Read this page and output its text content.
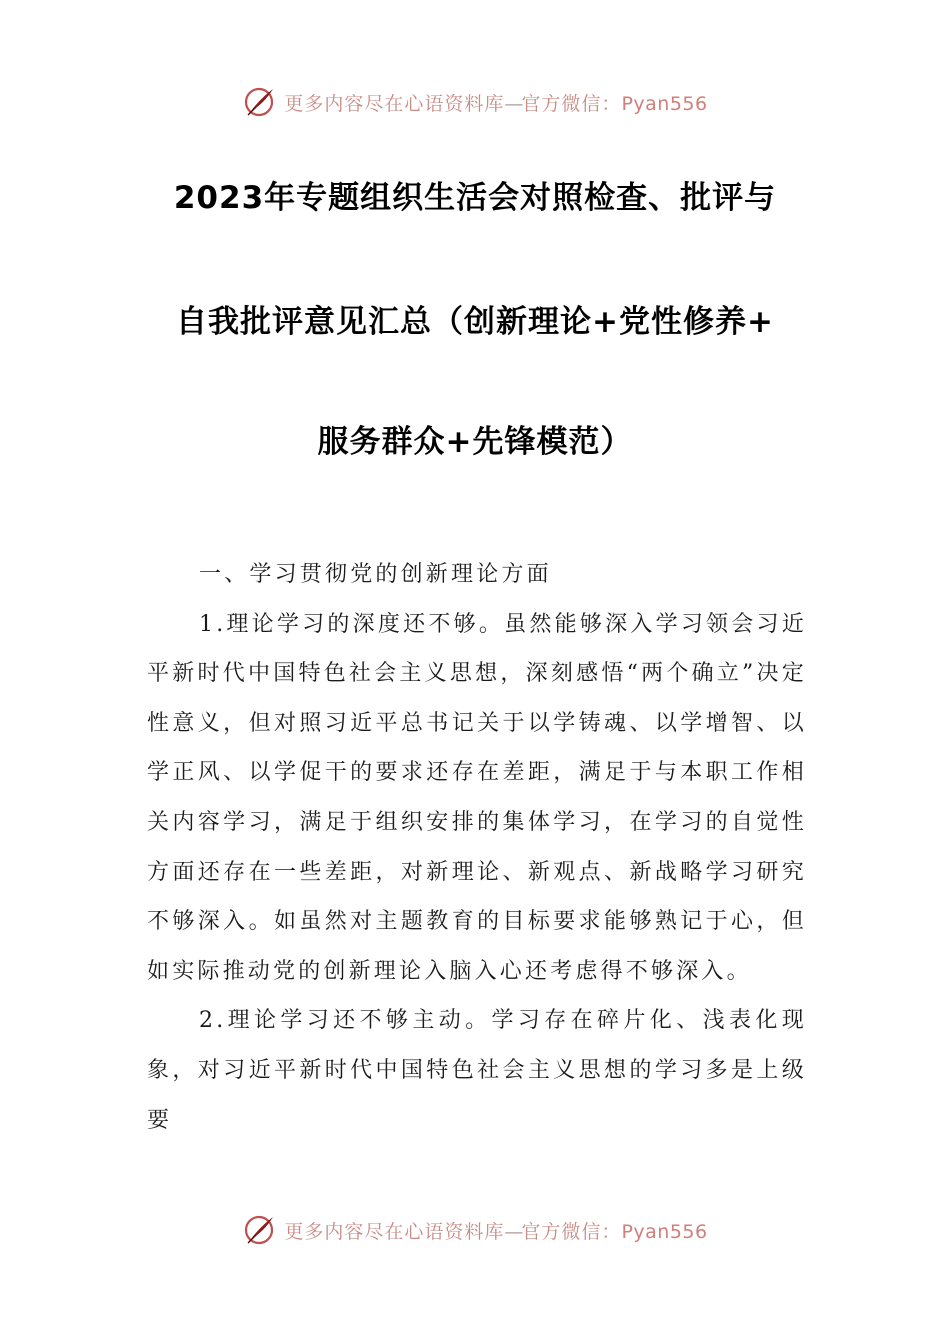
更多内容尽在心语资料库—官方微信：Pyan556
2023年专题组织生活会对照检查、批评与
自我批评意见汇总（创新理论+党性修养+
服务群众+先锋模范）

一、学习贯彻党的创新理论方面

1.理论学习的深度还不够。虽然能够深入学习领会习近平新时代中国特色社会主义思想，深刻感悟“两个确立”决定性意义，但对照习近平总书记关于以学铸魂、以学增智、以学正风、以学促干的要求还存在差距，满足于与本职工作相关内容学习，满足于组织安排的集体学习，在学习的自觉性方面还存在一些差距，对新理论、新观点、新战略学习研究不够深入。如虽然对主题教育的目标要求能够熟记于心，但如实际推动党的创新理论入脑入心还考虑得不够深入。

2.理论学习还不够主动。学习存在碎片化、浅表化现象，对习近平新时代中国特色社会主义思想的学习多是上级要

更多内容尽在心语资料库—官方微信：Pyan556
